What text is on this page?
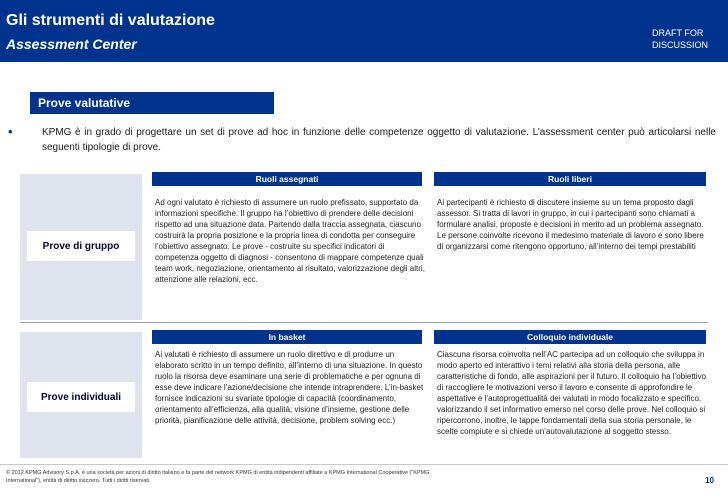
Gli strumenti di valutazione
Assessment Center
DRAFT FOR
DISCUSSION
Prove valutative
•	KPMG è in grado di progettare un set di prove ad hoc in funzione delle competenze oggetto di valutazione. L’assessment center può articolarsi nelle seguenti tipologie di prove.
Ruoli assegnati	Ruoli liberi
Prove di gruppo
Ad ogni valutato è richiesto di assumere un ruolo prefissato, supportato da informazioni specifiche. Il gruppo ha l’obiettivo di prendere delle decisioni rispetto ad una situazione data. Partendo dalla traccia assegnata, ciascuno costruirà la propria posizione e la propria linea di condotta per conseguire l’obiettivo assegnato. Le prove - costruite su specifici indicatori di competenza oggetto di diagnosi - consentono di mappare competenze quali team work, negoziazione, orientamento al risultato, valorizzazione degli altri, attenzione alle relazioni, ecc.
Ai partecipanti è richiesto di discutere insieme su un tema proposto dagli assessor. Si tratta di lavori in gruppo, in cui i partecipanti sono chiamati a formulare analisi, proposte e decisioni in merito ad un problema assegnato. Le persone coinvolte ricevono il medesimo materiale di lavoro e sono libere di organizzarsi come ritengono opportuno, all’interno dei tempi prestabiliti
In basket	Colloquio individuale
Prove individuali
Ai valutati è richiesto di assumere un ruolo direttivo e di produrre un elaborato scritto in un tempo definito, all’interno di una situazione. In questo ruolo la risorsa deve esaminare una serie di problematiche e per ognuna di esse deve indicare l’azione/decisione che intende intraprendere. L’in-basket fornisce indicazioni su svariate tipologie di capacità (coordinamento, orientamento all’efficienza, alla qualità, visione d’insieme, gestione delle priorità, pianificazione delle attività, decisione, problem solving ecc.)
Ciascuna risorsa coinvolta nell’AC partecipa ad un colloquio che sviluppa in modo aperto ed interattivo i temi relativi alla storia della persona, alle caratteristiche di fondo, alle aspirazioni per il futuro. Il colloquio ha l’obiettivo di raccogliere le motivazioni verso il lavoro e consente di approfondire le aspettative e l’autoprogettualità dei valutati in modo focalizzato e specifico, valorizzando il set informativo emerso nel corso delle prove. Nel colloquio si ripercorrono, inoltre, le tappe fondamentali della sua storia personale, le scelte compiute e si chiede un’autovalutazione al soggetto stesso.
© 2012 KPMG Advisory S.p.A. è una società per azioni di diritto italiano e fa parte del network KPMG di entità indipendenti affiliate a KPMG International Cooperative (“KPMG International”), entità di diritto svizzero. Tutti i diritti riservati.	10
